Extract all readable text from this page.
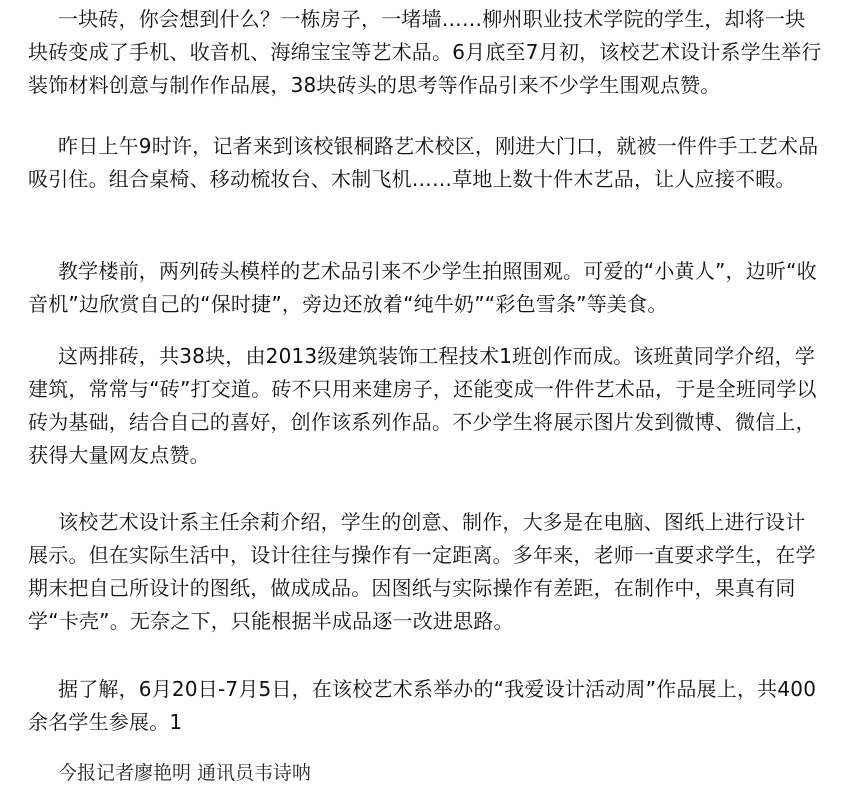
一块砖，你会想到什么？一栋房子，一堵墙……柳州职业技术学院的学生，却将一块块砖变成了手机、收音机、海绵宝宝等艺术品。6月底至7月初，该校艺术设计系学生举行装饰材料创意与制作作品展，38块砖头的思考等作品引来不少学生围观点赞。

昨日上午9时许，记者来到该校银桐路艺术校区，刚进大门口，就被一件件手工艺术品吸引住。组合桌椅、移动梳妆台、木制飞机……草地上数十件木艺品，让人应接不暇。

教学楼前，两列砖头模样的艺术品引来不少学生拍照围观。可爱的“小黄人”，边听“收音机”边欣赏自己的“保时捷”，旁边还放着“纯牛奶”“彩色雪条”等美食。

这两排砖，共38块，由2013级建筑装饰工程技术1班创作而成。该班黄同学介绍，学建筑，常常与“砖”打交道。砖不只用来建房子，还能变成一件件艺术品，于是全班同学以砖为基础，结合自己的喜好，创作该系列作品。不少学生将展示图片发到微博、微信上，获得大量网友点赞。

该校艺术设计系主任余莉介绍，学生的创意、制作，大多是在电脑、图纸上进行设计展示。但在实际生活中，设计往往与操作有一定距离。多年来，老师一直要求学生，在学期末把自己所设计的图纸，做成成品。因图纸与实际操作有差距，在制作中，果真有同学“卡壳”。无奈之下，只能根据半成品逐一改进思路。

据了解，6月20日-7月5日，在该校艺术系举办的“我爱设计活动周”作品展上，共400余名学生参展。1

今报记者廖艳明 通讯员韦诗呐
